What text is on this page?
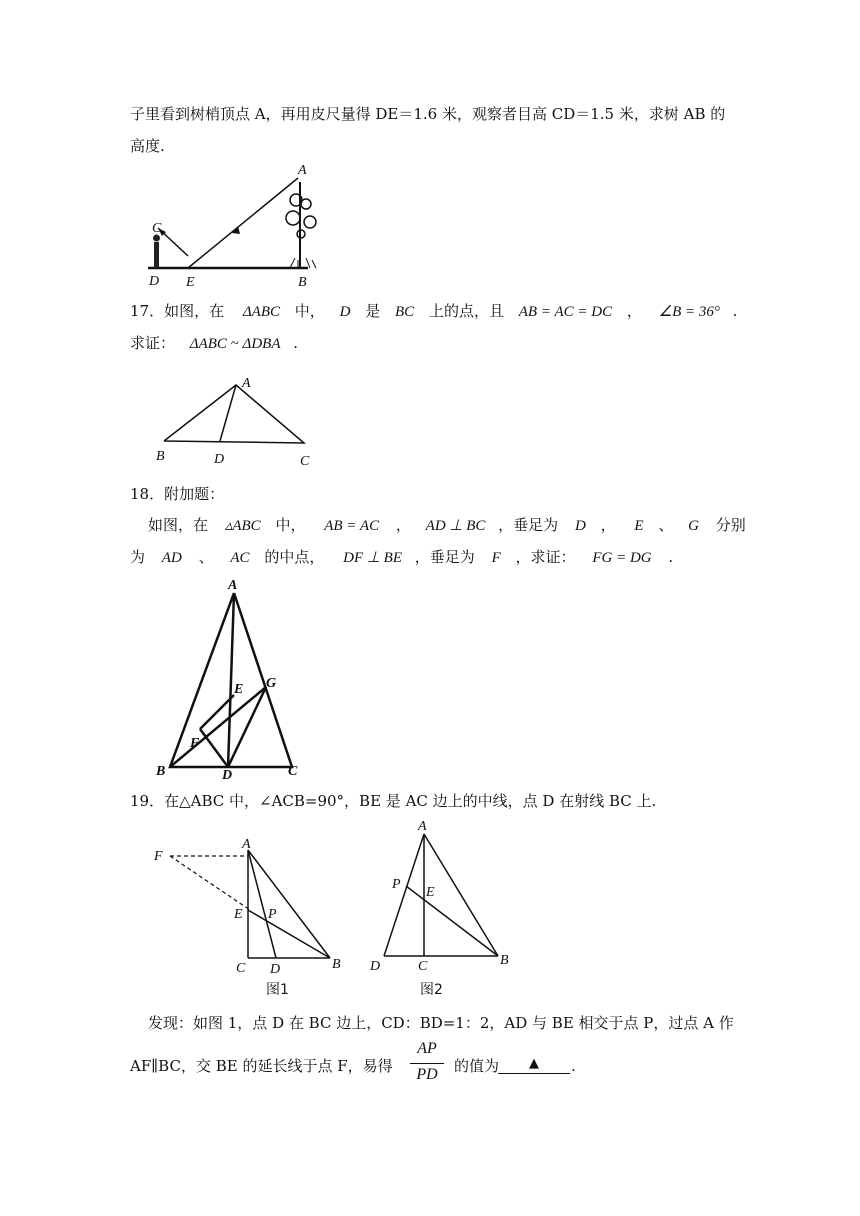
子里看到树梢顶点 A，再用皮尺量得 DE＝1.6 米，观察者目高 CD＝1.5 米，求树 AB 的
高度.
A
C
D E	B
17．如图，在 ΔABC 中， D 是 BC 上的点，且 AB = AC = DC ， ∠B = 36° .
求证： ΔABC ~ ΔDBA .
A
B	D	C
18．附加题：
如图，在 ▵ABC 中， AB = AC ， AD ⊥ BC ，垂足为 D ， E 、 G 分别
为 AD 、 AC 的中点， DF ⊥ BE ，垂足为 F ，求证： FG = DG .
A
E G
F
B	D	C
19．在△ABC 中，∠ACB=90°，BE 是 AC 边上的中线，点 D 在射线 BC 上.
F
A
E P
C D	B
图1
A
P
E
D	C	B
图2
发现：如图 1，点 D 在 BC 边上，CD：BD=1：2，AD 与 BE 相交于点 P，过点 A 作
AF∥BC，交 BE 的延长线于点 F，易得
AP
PD	的值为	▲	.
